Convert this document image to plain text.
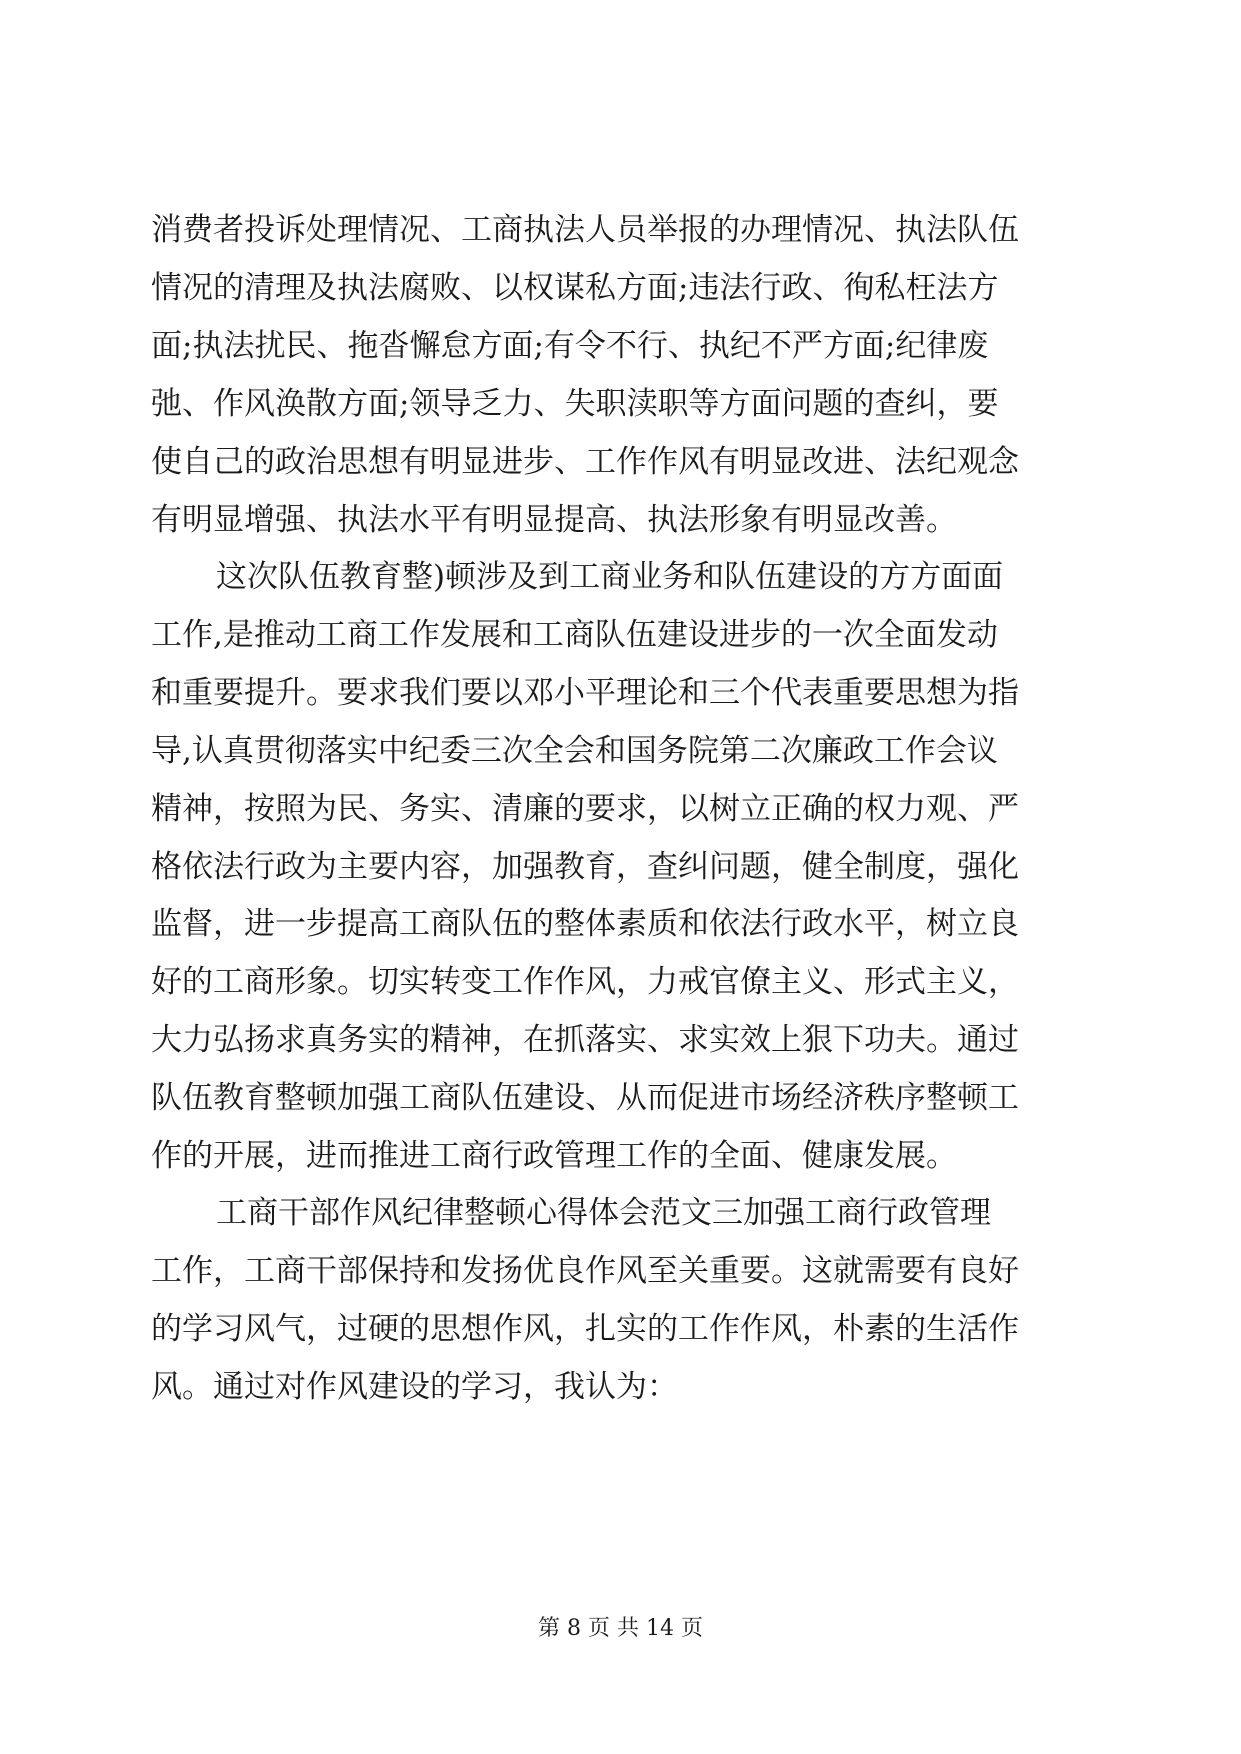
消费者投诉处理情况、工商执法人员举报的办理情况、执法队伍
情况的清理及执法腐败、以权谋私方面;违法行政、徇私枉法方
面;执法扰民、拖沓懈怠方面;有令不行、执纪不严方面;纪律废
弛、作风涣散方面;领导乏力、失职渎职等方面问题的查纠，要
使自己的政治思想有明显进步、工作作风有明显改进、法纪观念
有明显增强、执法水平有明显提高、执法形象有明显改善。
这次队伍教育整)顿涉及到工商业务和队伍建设的方方面面
工作,是推动工商工作发展和工商队伍建设进步的一次全面发动
和重要提升。要求我们要以邓小平理论和三个代表重要思想为指
导,认真贯彻落实中纪委三次全会和国务院第二次廉政工作会议
精神，按照为民、务实、清廉的要求，以树立正确的权力观、严
格依法行政为主要内容，加强教育，查纠问题，健全制度，强化
监督，进一步提高工商队伍的整体素质和依法行政水平，树立良
好的工商形象。切实转变工作作风，力戒官僚主义、形式主义，
大力弘扬求真务实的精神，在抓落实、求实效上狠下功夫。通过
队伍教育整顿加强工商队伍建设、从而促进市场经济秩序整顿工
作的开展，进而推进工商行政管理工作的全面、健康发展。
工商干部作风纪律整顿心得体会范文三加强工商行政管理
工作，工商干部保持和发扬优良作风至关重要。这就需要有良好
的学习风气，过硬的思想作风，扎实的工作作风，朴素的生活作
风。通过对作风建设的学习，我认为：
第 8 页 共 14 页
